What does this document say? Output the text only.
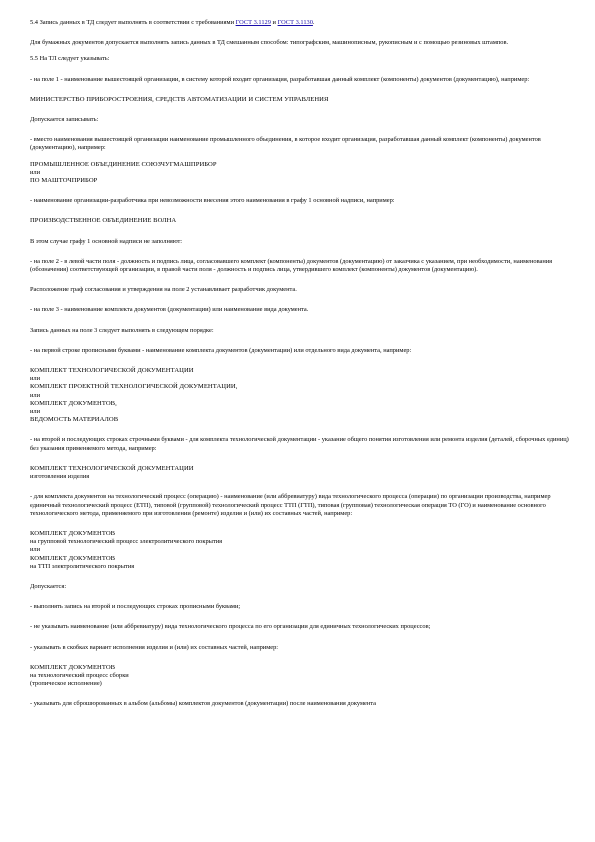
5.4 Запись данных в ТД следует выполнять в соответствии с требованиями ГОСТ 3.1129 и ГОСТ 3.1130.

Для бумажных документов допускается выполнять запись данных в ТД смешанным способом: типографским, машинописным, рукописным и с помощью резиновых штампов.

5.5 На ТЛ следует указывать:

- на поле 1 - наименование вышестоящей организации, в систему которой входит организация, разработавшая данный комплект (компоненты) документов (документацию), например:

МИНИСТЕРСТВО ПРИБОРОСТРОЕНИЯ, СРЕДСТВ АВТОМАТИЗАЦИИ И СИСТЕМ УПРАВЛЕНИЯ

Допускается записывать:

- вместо наименования вышестоящей организации наименование промышленного объединения, в которое входит организация, разработавшая данный комплект (компоненты) документов (документацию), например:

ПРОМЫШЛЕННОЕ ОБЪЕДИНЕНИЕ СОЮЗЧУГМАШПРИБОР

или

ПО МАШТОЧПРИБОР

- наименование организации-разработчика при невозможности внесения этого наименования в графу 1 основной надписи, например:

ПРОИЗВОДСТВЕННОЕ ОБЪЕДИНЕНИЕ ВОЛНА

В этом случае графу 1 основной надписи не заполняют:

- на поле 2 - в левой части поля - должность и подпись лица, согласовавшего комплект (компоненты) документов (документацию) от заказчика с указанием, при необходимости, наименования (обозначения) соответствующей организации, в правой части поля - должность и подпись лица, утвердившего комплект (компоненты) документов (документацию).

Расположение граф согласования и утверждения на поле 2 устанавливает разработчик документа.

- на поле 3 - наименование комплекта документов (документации) или наименование вида документа.

Запись данных на поле 3 следует выполнять в следующем порядке:

- на первой строке прописными буквами - наименование комплекта документов (документации) или отдельного вида документа, например:

КОМПЛЕКТ ТЕХНОЛОГИЧЕСКОЙ ДОКУМЕНТАЦИИ

или

КОМПЛЕКТ ПРОЕКТНОЙ ТЕХНОЛОГИЧЕСКОЙ ДОКУМЕНТАЦИИ,

или

КОМПЛЕКТ ДОКУМЕНТОВ,

или

ВЕДОМОСТЬ МАТЕРИАЛОВ

- на второй и последующих строках строчными буквами - для комплекта технологической документации - указание общего понятия изготовления или ремонта изделия (деталей, сборочных единиц) без указания применяемого метода, например:

КОМПЛЕКТ ТЕХНОЛОГИЧЕСКОЙ ДОКУМЕНТАЦИИ

изготовления изделия

- для комплекта документов на технологический процесс (операцию) - наименование (или аббревиатуру) вида технологического процесса (операции) по организации производства, например единичный технологический процесс (ЕТП), типовой (групповой) технологический процесс ТТП (ГТП), типовая (групповая) технологическая операция ТО (ГО) и наименование основного технологического метода, применяемого при изготовлении (ремонте) изделия и (или) их составных частей, например:

КОМПЛЕКТ ДОКУМЕНТОВ

на групповой технологический процесс электролитического покрытия

или

КОМПЛЕКТ ДОКУМЕНТОВ

на ТТП электролитического покрытия

Допускается:

- выполнять запись на второй и последующих строках прописными буквами;

- не указывать наименование (или аббревиатуру) вида технологического процесса по его организации для единичных технологических процессов;

- указывать в скобках вариант исполнения изделия и (или) их составных частей, например:

КОМПЛЕКТ ДОКУМЕНТОВ

на технологический процесс сборки

(тропическое исполнение)

- указывать для сброшюрованных в альбом (альбомы) комплектов документов (документации) после наименования документа
